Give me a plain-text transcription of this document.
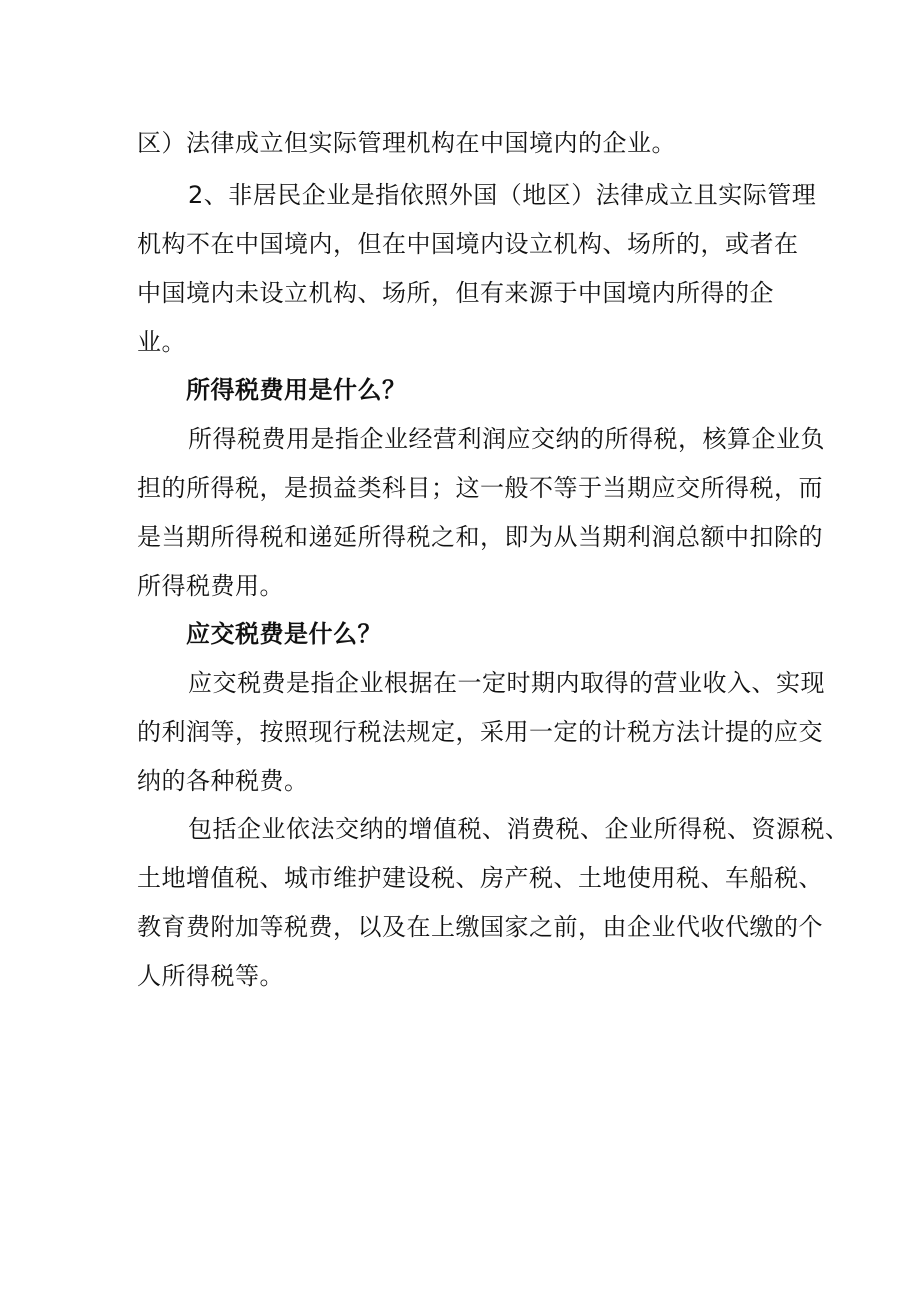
区）法律成立但实际管理机构在中国境内的企业。
2、非居民企业是指依照外国（地区）法律成立且实际管理
机构不在中国境内，但在中国境内设立机构、场所的，或者在
中国境内未设立机构、场所，但有来源于中国境内所得的企
业。
所得税费用是什么？
所得税费用是指企业经营利润应交纳的所得税，核算企业负
担的所得税，是损益类科目；这一般不等于当期应交所得税，而
是当期所得税和递延所得税之和，即为从当期利润总额中扣除的
所得税费用。
应交税费是什么？
应交税费是指企业根据在一定时期内取得的营业收入、实现
的利润等，按照现行税法规定，采用一定的计税方法计提的应交
纳的各种税费。
包括企业依法交纳的增值税、消费税、企业所得税、资源税、
土地增值税、城市维护建设税、房产税、土地使用税、车船税、
教育费附加等税费，以及在上缴国家之前，由企业代收代缴的个
人所得税等。
